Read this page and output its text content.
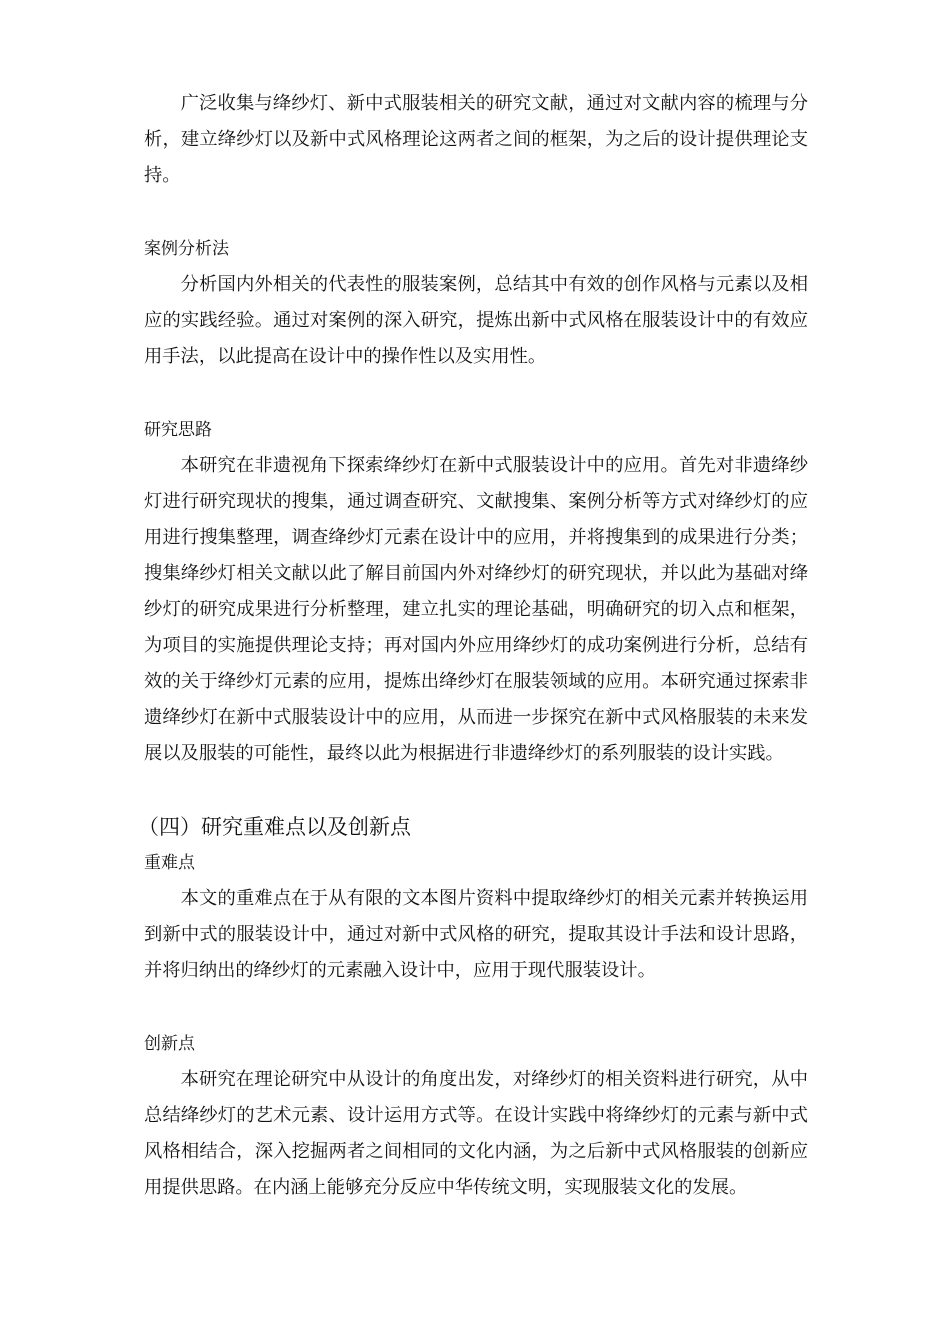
广泛收集与绛纱灯、新中式服装相关的研究文献，通过对文献内容的梳理与分析，建立绛纱灯以及新中式风格理论这两者之间的框架，为之后的设计提供理论支持。

案例分析法

分析国内外相关的代表性的服装案例，总结其中有效的创作风格与元素以及相应的实践经验。通过对案例的深入研究，提炼出新中式风格在服装设计中的有效应用手法，以此提高在设计中的操作性以及实用性。

研究思路

本研究在非遗视角下探索绛纱灯在新中式服装设计中的应用。首先对非遗绛纱灯进行研究现状的搜集，通过调查研究、文献搜集、案例分析等方式对绛纱灯的应用进行搜集整理，调查绛纱灯元素在设计中的应用，并将搜集到的成果进行分类；搜集绛纱灯相关文献以此了解目前国内外对绛纱灯的研究现状，并以此为基础对绛纱灯的研究成果进行分析整理，建立扎实的理论基础，明确研究的切入点和框架，为项目的实施提供理论支持；再对国内外应用绛纱灯的成功案例进行分析，总结有效的关于绛纱灯元素的应用，提炼出绛纱灯在服装领域的应用。本研究通过探索非遗绛纱灯在新中式服装设计中的应用，从而进一步探究在新中式风格服装的未来发展以及服装的可能性，最终以此为根据进行非遗绛纱灯的系列服装的设计实践。

（四）研究重难点以及创新点

重难点

本文的重难点在于从有限的文本图片资料中提取绛纱灯的相关元素并转换运用到新中式的服装设计中，通过对新中式风格的研究，提取其设计手法和设计思路，并将归纳出的绛纱灯的元素融入设计中，应用于现代服装设计。

创新点

本研究在理论研究中从设计的角度出发，对绛纱灯的相关资料进行研究，从中总结绛纱灯的艺术元素、设计运用方式等。在设计实践中将绛纱灯的元素与新中式风格相结合，深入挖掘两者之间相同的文化内涵，为之后新中式风格服装的创新应用提供思路。在内涵上能够充分反应中华传统文明，实现服装文化的发展。
